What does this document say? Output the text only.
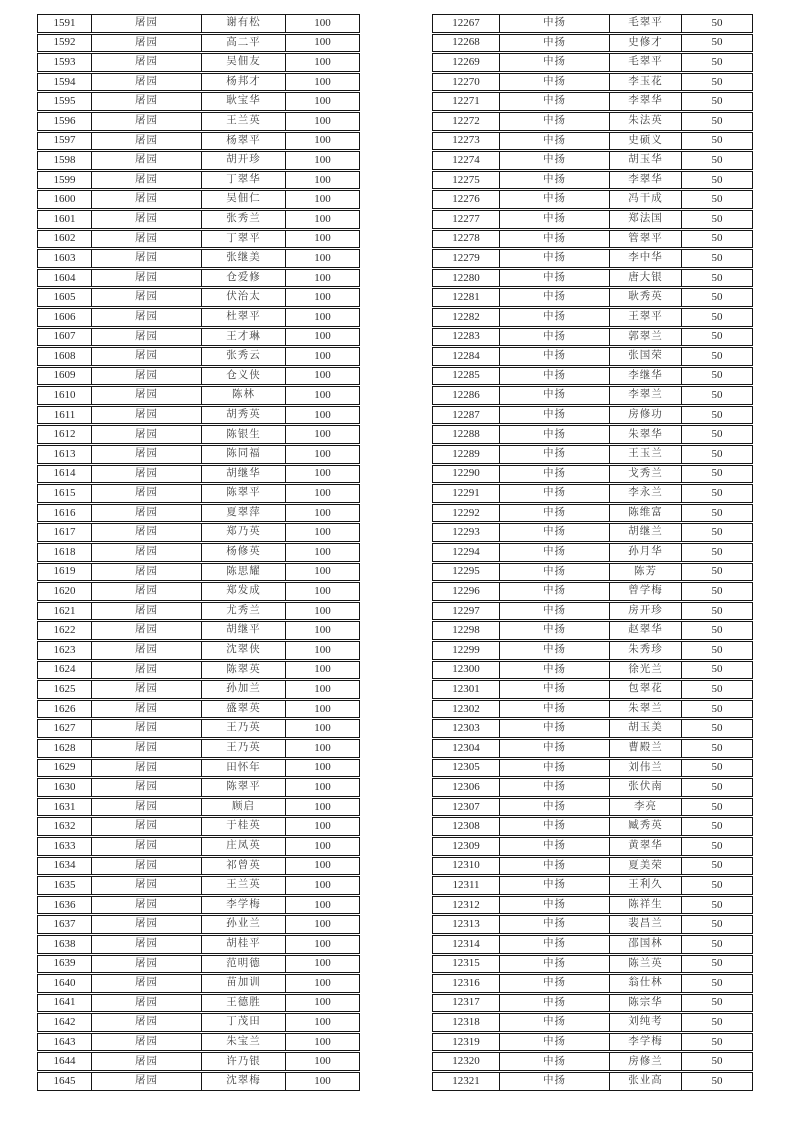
1591	屠园	谢有松	100
1592	屠园	高二平	100
1593	屠园	吴佃友	100
1594	屠园	杨邦才	100
1595	屠园	耿宝华	100
1596	屠园	王兰英	100
1597	屠园	杨翠平	100
1598	屠园	胡开珍	100
1599	屠园	丁翠华	100
1600	屠园	吴佃仁	100
1601	屠园	张秀兰	100
1602	屠园	丁翠平	100
1603	屠园	张继美	100
1604	屠园	仓爱修	100
1605	屠园	伏治太	100
1606	屠园	杜翠平	100
1607	屠园	王才琳	100
1608	屠园	张秀云	100
1609	屠园	仓义侠	100
1610	屠园	陈林	100
1611	屠园	胡秀英	100
1612	屠园	陈银生	100
1613	屠园	陈同福	100
1614	屠园	胡继华	100
1615	屠园	陈翠平	100
1616	屠园	夏翠萍	100
1617	屠园	郑乃英	100
1618	屠园	杨修英	100
1619	屠园	陈思耀	100
1620	屠园	郑发成	100
1621	屠园	尤秀兰	100
1622	屠园	胡继平	100
1623	屠园	沈翠侠	100
1624	屠园	陈翠英	100
1625	屠园	孙加兰	100
1626	屠园	盛翠英	100
1627	屠园	王乃英	100
1628	屠园	王乃英	100
1629	屠园	田怀年	100
1630	屠园	陈翠平	100
1631	屠园	顾启	100
1632	屠园	于桂英	100
1633	屠园	庄凤英	100
1634	屠园	祁曾英	100
1635	屠园	王兰英	100
1636	屠园	李学梅	100
1637	屠园	孙业兰	100
1638	屠园	胡桂平	100
1639	屠园	范明德	100
1640	屠园	苗加训	100
1641	屠园	王德胜	100
1642	屠园	丁茂田	100
1643	屠园	朱宝兰	100
1644	屠园	许乃银	100
1645	屠园	沈翠梅	100
12267	中扬	毛翠平	50
12268	中扬	史修才	50
12269	中扬	毛翠平	50
12270	中扬	李玉花	50
12271	中扬	李翠华	50
12272	中扬	朱法英	50
12273	中扬	史硕义	50
12274	中扬	胡玉华	50
12275	中扬	李翠华	50
12276	中扬	冯干成	50
12277	中扬	郑法国	50
12278	中扬	管翠平	50
12279	中扬	李中华	50
12280	中扬	唐大银	50
12281	中扬	耿秀英	50
12282	中扬	王翠平	50
12283	中扬	郭翠兰	50
12284	中扬	张国荣	50
12285	中扬	李继华	50
12286	中扬	李翠兰	50
12287	中扬	房修功	50
12288	中扬	朱翠华	50
12289	中扬	王玉兰	50
12290	中扬	戈秀兰	50
12291	中扬	李永兰	50
12292	中扬	陈维富	50
12293	中扬	胡继兰	50
12294	中扬	孙月华	50
12295	中扬	陈芳	50
12296	中扬	曾学梅	50
12297	中扬	房开珍	50
12298	中扬	赵翠华	50
12299	中扬	朱秀珍	50
12300	中扬	徐光兰	50
12301	中扬	包翠花	50
12302	中扬	朱翠兰	50
12303	中扬	胡玉美	50
12304	中扬	曹殿兰	50
12305	中扬	刘伟兰	50
12306	中扬	张伏南	50
12307	中扬	李亮	50
12308	中扬	臧秀英	50
12309	中扬	黄翠华	50
12310	中扬	夏美荣	50
12311	中扬	王利久	50
12312	中扬	陈祥生	50
12313	中扬	裴昌兰	50
12314	中扬	邵国林	50
12315	中扬	陈兰英	50
12316	中扬	翁仕林	50
12317	中扬	陈宗华	50
12318	中扬	刘纯考	50
12319	中扬	李学梅	50
12320	中扬	房修兰	50
12321	中扬	张业高	50
